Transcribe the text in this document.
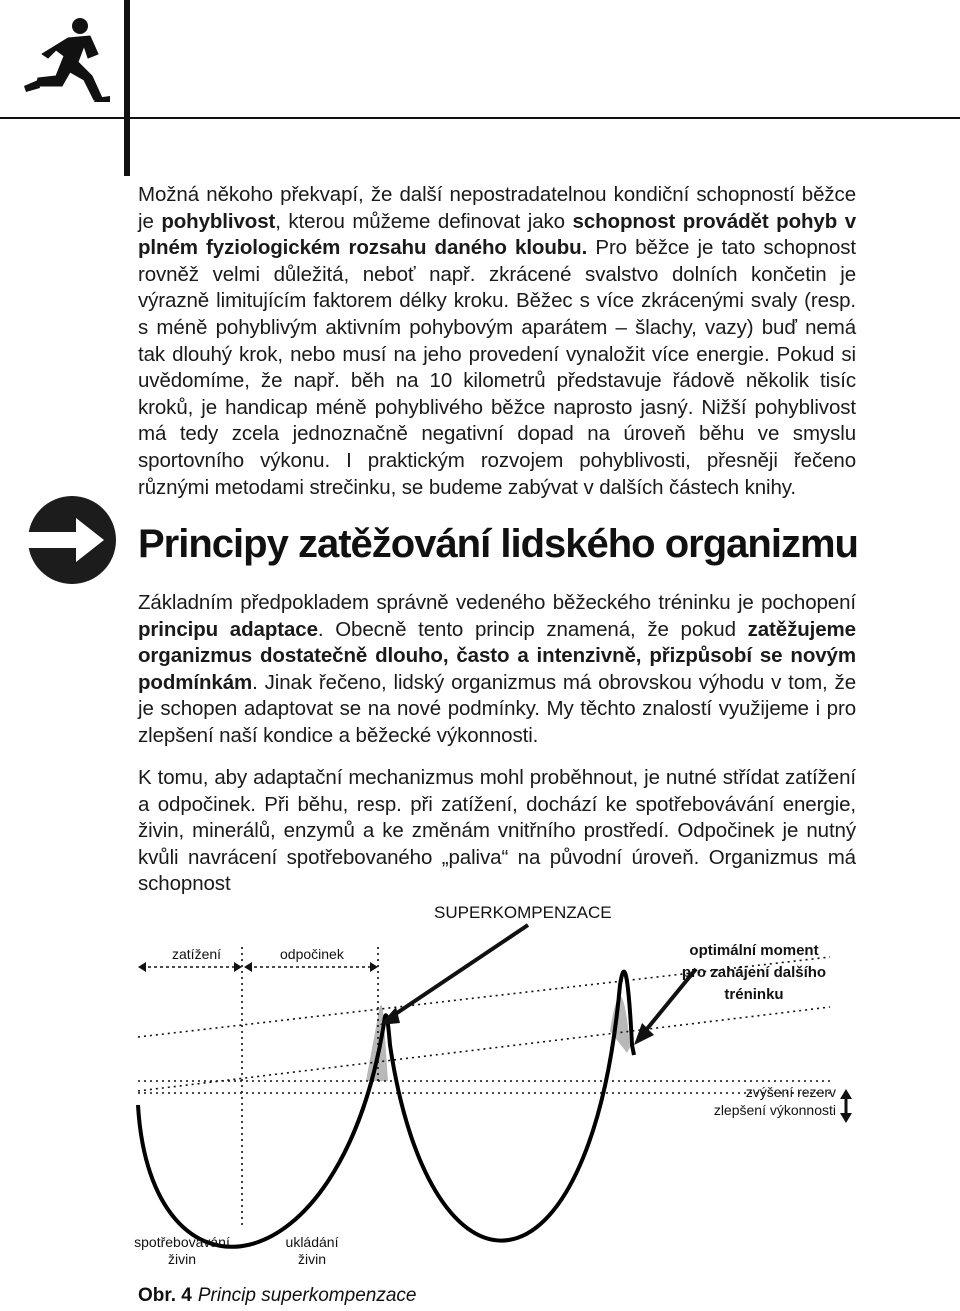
Možná někoho překvapí, že další nepostradatelnou kondiční schopností běžce je pohyblivost, kterou můžeme definovat jako schopnost provádět pohyb v plném fyziologickém rozsahu daného kloubu. Pro běžce je tato schopnost rovněž velmi důležitá, neboť např. zkrácené svalstvo dolních končetin je výrazně limitujícím faktorem délky kroku. Běžec s více zkrácenými svaly (resp. s méně pohyblivým aktivním pohybovým aparátem – šlachy, vazy) buď nemá tak dlouhý krok, nebo musí na jeho provedení vynaložit více energie. Pokud si uvědomíme, že např. běh na 10 kilometrů představuje řádově několik tisíc kroků, je handicap méně pohyblivého běžce naprosto jasný. Nižší pohyblivost má tedy zcela jednoznačně negativní dopad na úroveň běhu ve smyslu sportovního výkonu. I praktickým rozvojem pohyblivosti, přesněji řečeno různými metodami strečinku, se budeme zabývat v dalších částech knihy.
Principy zatěžování lidského organizmu
Základním předpokladem správně vedeného běžeckého tréninku je pochopení principu adaptace. Obecně tento princip znamená, že pokud zatěžujeme organizmus dostatečně dlouho, často a intenzivně, přizpůsobí se novým podmínkám. Jinak řečeno, lidský organizmus má obrovskou výhodu v tom, že je schopen adaptovat se na nové podmínky. My těchto znalostí využijeme i pro zlepšení naší kondice a běžecké výkonnosti.
K tomu, aby adaptační mechanizmus mohl proběhnout, je nutné střídat zatížení a odpočinek. Při běhu, resp. při zatížení, dochází ke spotřebovávání energie, živin, minerálů, enzymů a ke změnám vnitřního prostředí. Odpočinek je nutný kvůli navrácení spotřebovaného „paliva“ na původní úroveň. Organizmus má schopnost
SUPERKOMPENZACE
zatížení	odpočinek	optimální moment
pro zahájení dalšího
tréninku
zvýšení rezerv
zlepšení výkonnosti
spotřebovávání
živin
ukládání
živin
Obr. 4 Princip superkompenzace
